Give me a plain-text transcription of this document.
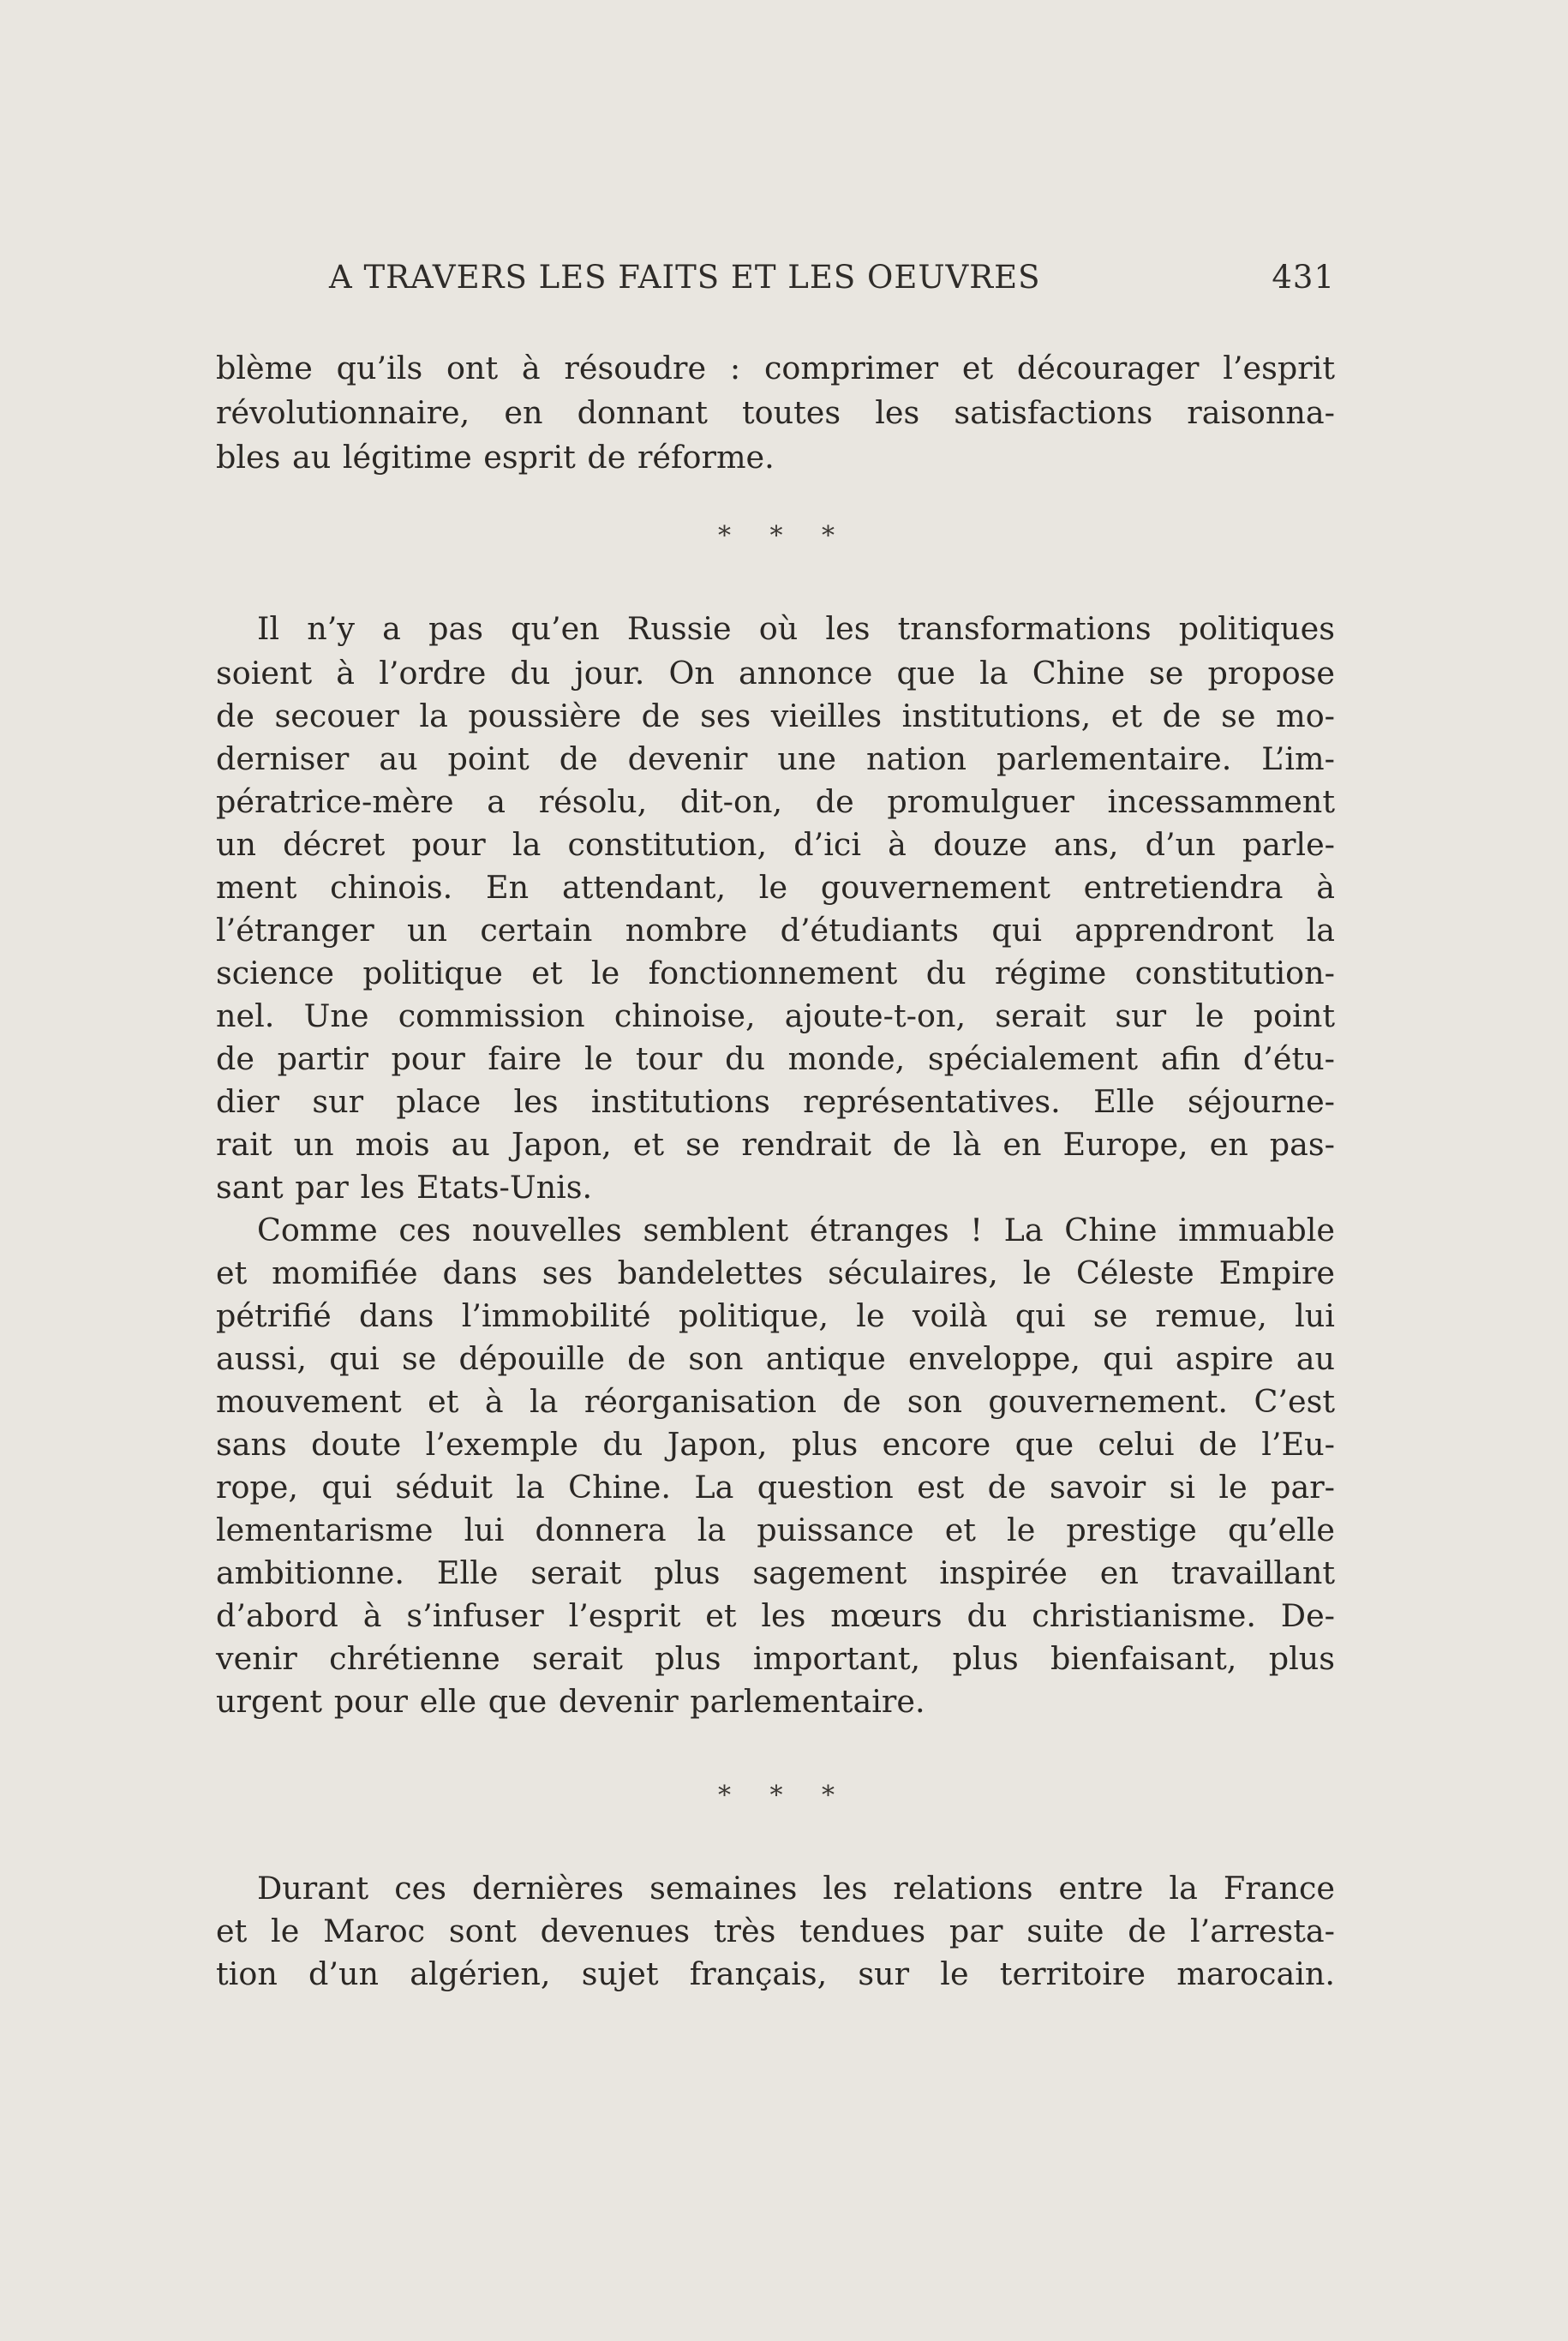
A TRAVERS LES FAITS ET LES OEUVRES	431
blème qu’ils ont à résoudre : comprimer et décourager l’esprit
révolutionnaire, en donnant toutes les satisfactions raisonna-
bles au légitime esprit de réforme.
* * *
Il n’y a pas qu’en Russie où les transformations politiques
soient à l’ordre du jour. On annonce que la Chine se propose
de secouer la poussière de ses vieilles institutions, et de se mo-
derniser au point de devenir une nation parlementaire. L’im-
pératrice-mère a résolu, dit-on, de promulguer incessamment
un décret pour la constitution, d’ici à douze ans, d’un parle-
ment chinois. En attendant, le gouvernement entretiendra à
l’étranger un certain nombre d’étudiants qui apprendront la
science politique et le fonctionnement du régime constitution-
nel. Une commission chinoise, ajoute-t-on, serait sur le point
de partir pour faire le tour du monde, spécialement afin d’étu-
dier sur place les institutions représentatives. Elle séjourne-
rait un mois au Japon, et se rendrait de là en Europe, en pas-
sant par les Etats-Unis.
Comme ces nouvelles semblent étranges ! La Chine immuable
et momifiée dans ses bandelettes séculaires, le Céleste Empire
pétrifié dans l’immobilité politique, le voilà qui se remue, lui
aussi, qui se dépouille de son antique enveloppe, qui aspire au
mouvement et à la réorganisation de son gouvernement. C’est
sans doute l’exemple du Japon, plus encore que celui de l’Eu-
rope, qui séduit la Chine. La question est de savoir si le par-
lementarisme lui donnera la puissance et le prestige qu’elle
ambitionne. Elle serait plus sagement inspirée en travaillant
d’abord à s’infuser l’esprit et les mœurs du christianisme. De-
venir chrétienne serait plus important, plus bienfaisant, plus
urgent pour elle que devenir parlementaire.
* * *
Durant ces dernières semaines les relations entre la France
et le Maroc sont devenues très tendues par suite de l’arresta-
tion d’un algérien, sujet français, sur le territoire marocain.
